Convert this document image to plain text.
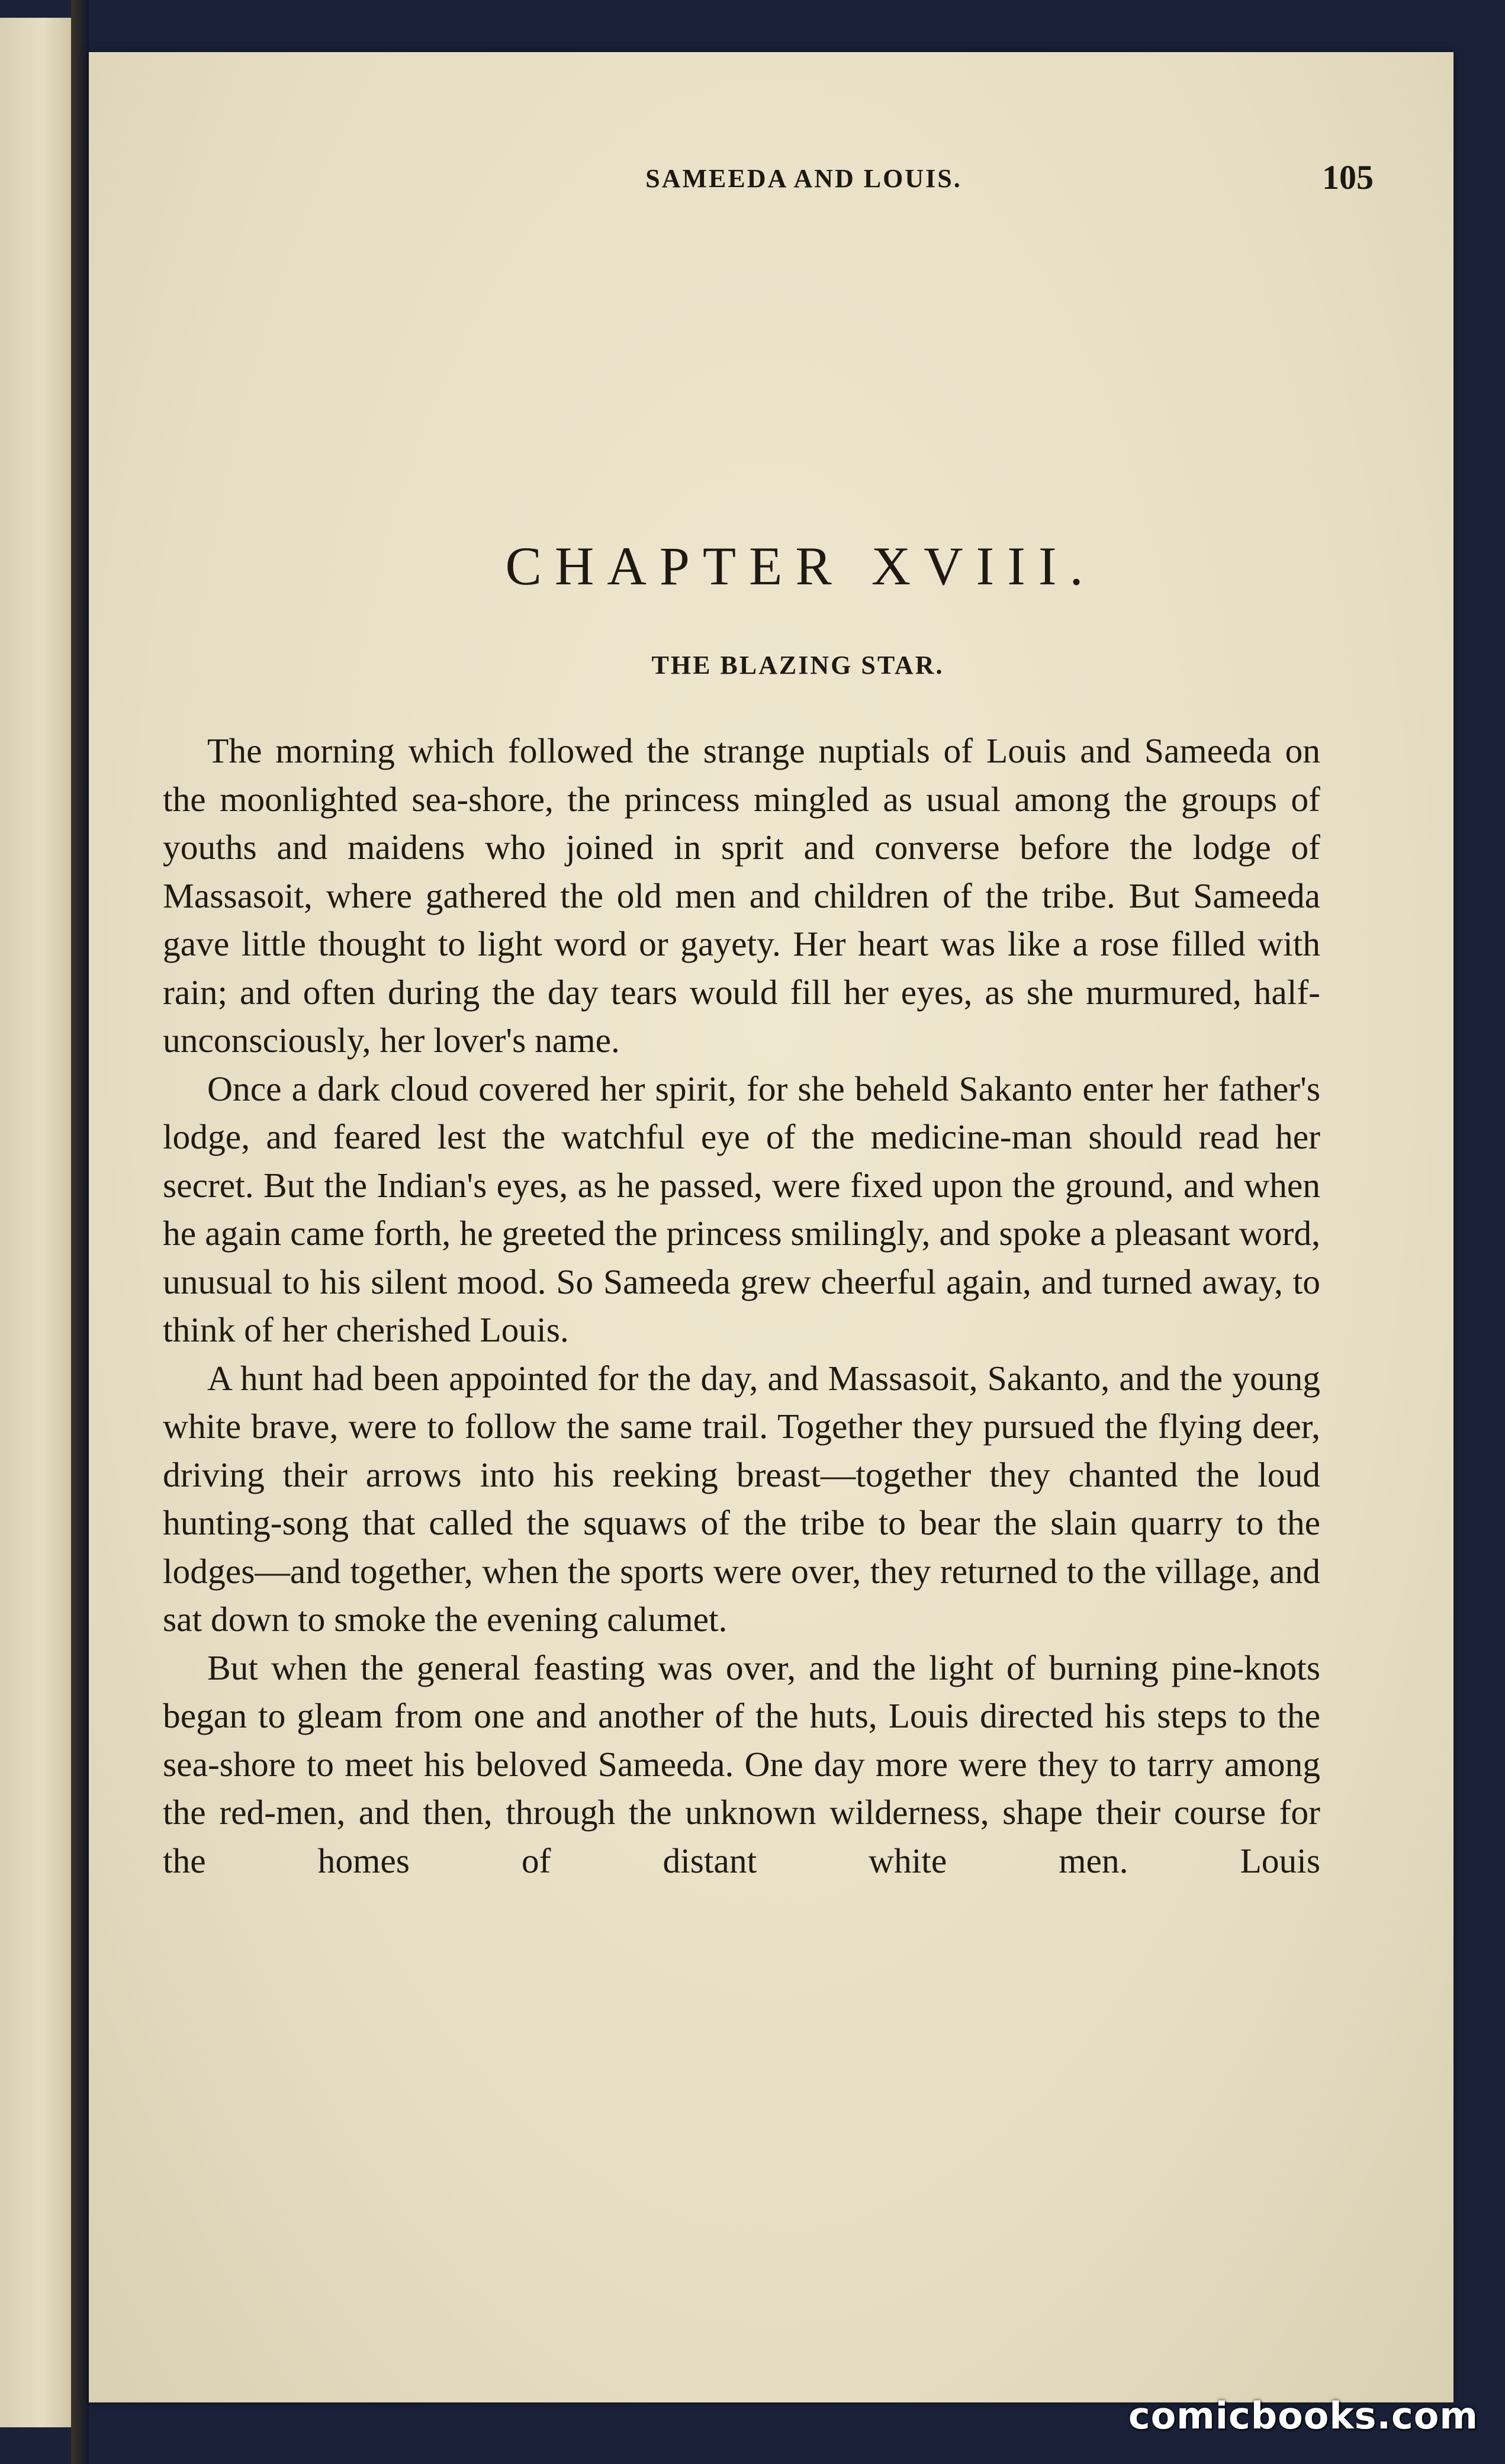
SAMEEDA AND LOUIS.	105
CHAPTER XVIII.
THE BLAZING STAR.

The morning which followed the strange nuptials of Louis and Sameeda on the moonlighted sea-shore, the princess mingled as usual among the groups of youths and maidens who joined in sprit and converse before the lodge of Massasoit, where gathered the old men and children of the tribe. But Sameeda gave little thought to light word or gayety. Her heart was like a rose filled with rain; and often during the day tears would fill her eyes, as she murmured, half-unconsciously, her lover's name.

Once a dark cloud covered her spirit, for she beheld Sakanto enter her father's lodge, and feared lest the watchful eye of the medicine-man should read her secret. But the Indian's eyes, as he passed, were fixed upon the ground, and when he again came forth, he greeted the princess smilingly, and spoke a pleasant word, unusual to his silent mood. So Sameeda grew cheerful again, and turned away, to think of her cherished Louis.

A hunt had been appointed for the day, and Massasoit, Sakanto, and the young white brave, were to follow the same trail. Together they pursued the flying deer, driving their arrows into his reeking breast—together they chanted the loud hunting-song that called the squaws of the tribe to bear the slain quarry to the lodges—and together, when the sports were over, they returned to the village, and sat down to smoke the evening calumet.

But when the general feasting was over, and the light of burning pine-knots began to gleam from one and another of the huts, Louis directed his steps to the sea-shore to meet his beloved Sameeda. One day more were they to tarry among the red-men, and then, through the unknown wilderness, shape their course for the homes of distant white men. Louis

comicbooks.com
